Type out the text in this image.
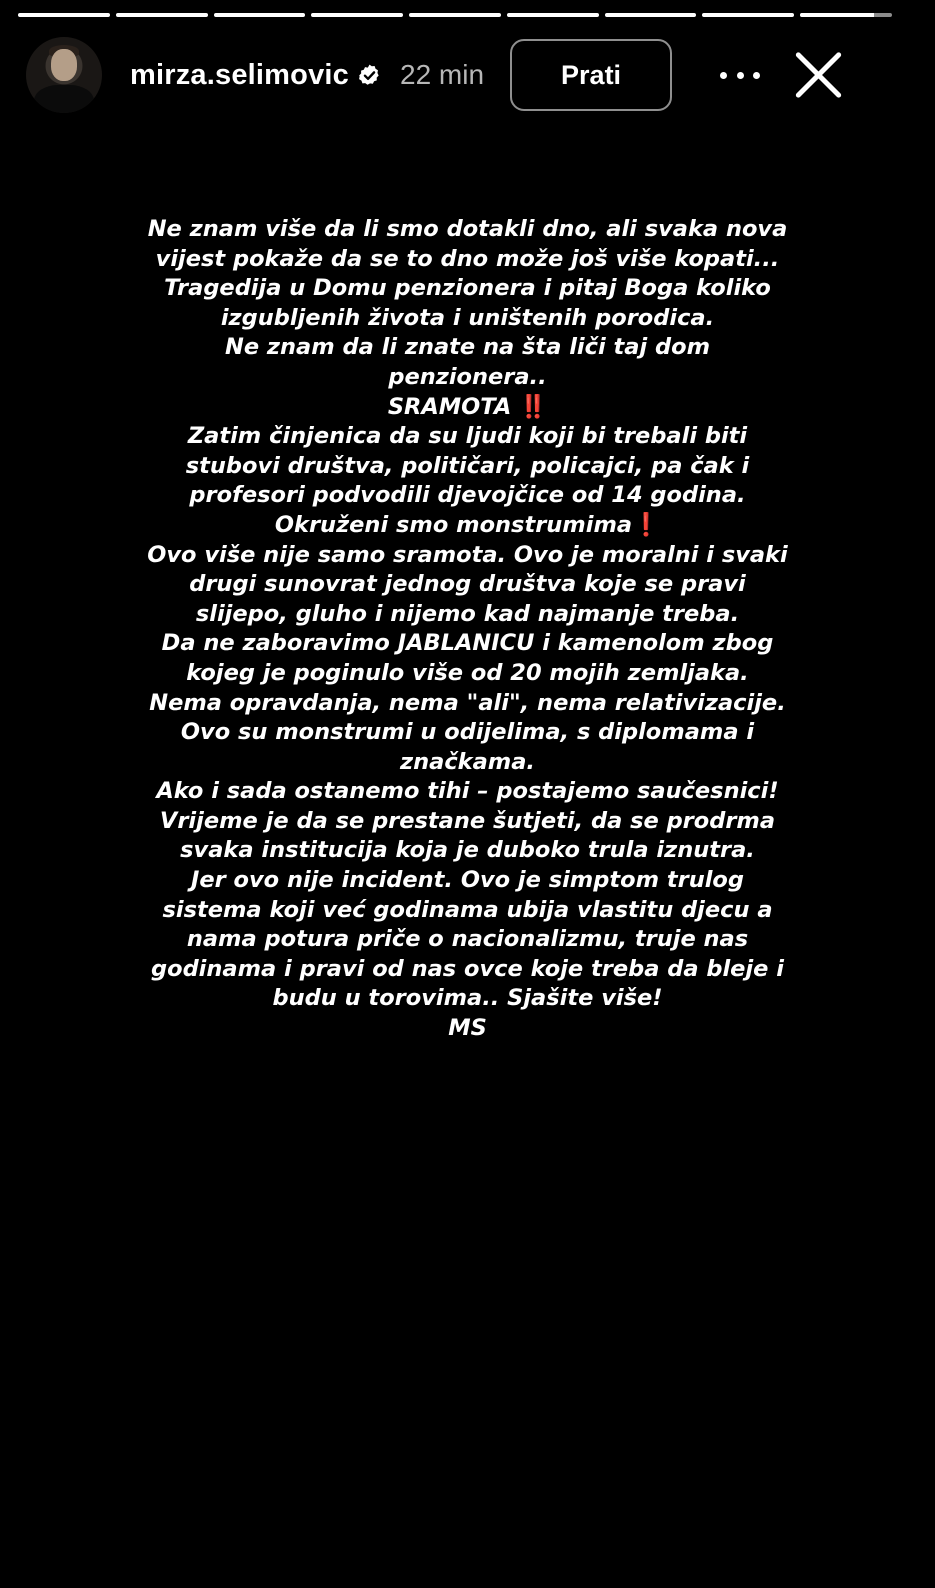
mirza.selimovic 22 min	Prati

Ne znam više da li smo dotakli dno, ali svaka nova
vijest pokaže da se to dno može još više kopati...
Tragedija u Domu penzionera i pitaj Boga koliko
izgubljenih života i uništenih porodica.
Ne znam da li znate na šta liči taj dom
penzionera..

SRAMOTA ‼️

Zatim činjenica da su ljudi koji bi trebali biti
stubovi društva, političari, policajci, pa čak i
profesori podvodili djevojčice od 14 godina.
Okruženi smo monstrumima❗

Ovo više nije samo sramota. Ovo je moralni i svaki
drugi sunovrat jednog društva koje se pravi
slijepo, gluho i nijemo kad najmanje treba.

Da ne zaboravimo JABLANICU i kamenolom zbog
kojeg je poginulo više od 20 mojih zemljaka.
Nema opravdanja, nema "ali", nema relativizacije.
Ovo su monstrumi u odijelima, s diplomama i
značkama.

Ako i sada ostanemo tihi – postajemo saučesnici!

Vrijeme je da se prestane šutjeti, da se prodrma
svaka institucija koja je duboko trula iznutra.

Jer ovo nije incident. Ovo je simptom trulog
sistema koji već godinama ubija vlastitu djecu a
nama potura priče o nacionalizmu, truje nas
godinama i pravi od nas ovce koje treba da bleje i
budu u torovima.. Sjašite više!

MS
